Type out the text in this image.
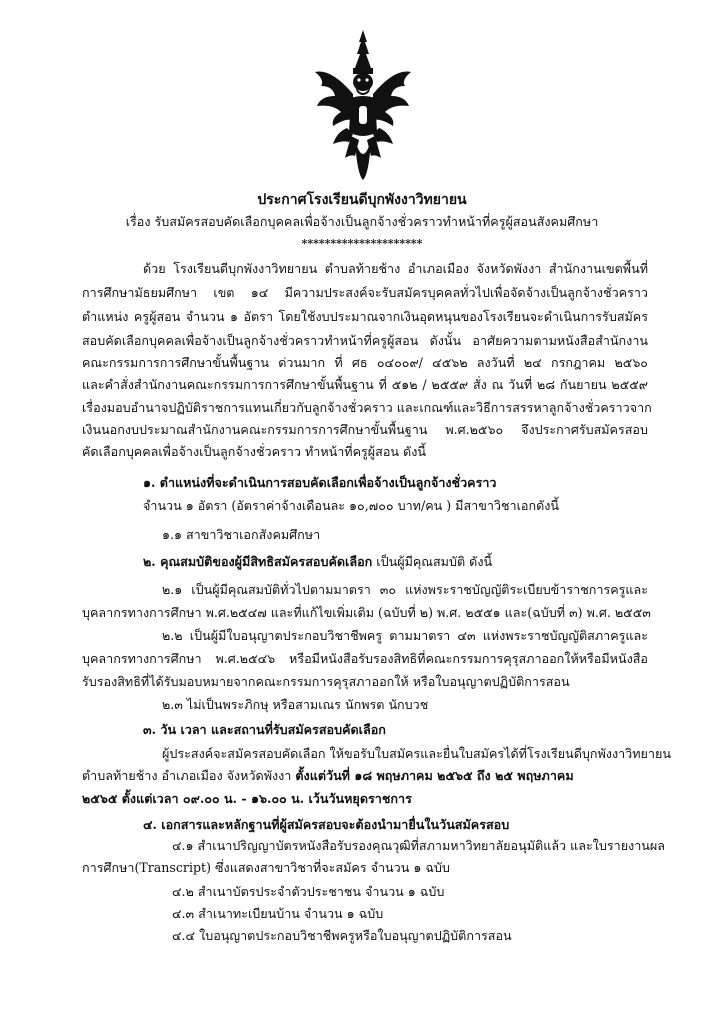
ประกาศโรงเรียนดีบุกพังงาวิทยายน
เรื่อง รับสมัครสอบคัดเลือกบุคคลเพื่อจ้างเป็นลูกจ้างชั่วคราวทำหน้าที่ครูผู้สอนสังคมศึกษา
*********************
ด้วย โรงเรียนดีบุกพังงาวิทยายน ตำบลท้ายช้าง อำเภอเมือง จังหวัดพังงา สำนักงานเขตพื้นที่
การศึกษามัธยมศึกษา เขต ๑๔ มีความประสงค์จะรับสมัครบุคคลทั่วไปเพื่อจัดจ้างเป็นลูกจ้างชั่วคราว
ตำแหน่ง ครูผู้สอน จำนวน ๑ อัตรา โดยใช้งบประมาณจากเงินอุดหนุนของโรงเรียนจะดำเนินการรับสมัคร
สอบคัดเลือกบุคคลเพื่อจ้างเป็นลูกจ้างชั่วคราวทำหน้าที่ครูผู้สอน ดังนั้น อาศัยความตามหนังสือสำนักงาน
คณะกรรมการการศึกษาขั้นพื้นฐาน ด่วนมาก ที่ ศธ ๐๔๐๐๙/ ๔๕๖๒ ลงวันที่ ๒๔ กรกฎาคม ๒๕๖๐
และคำสั่งสำนักงานคณะกรรมการการศึกษาขั้นพื้นฐาน ที่ ๕๑๒ / ๒๕๕๙ สั่ง ณ วันที่ ๒๘ กันยายน ๒๕๕๙
เรื่องมอบอำนาจปฏิบัติราชการแทนเกี่ยวกับลูกจ้างชั่วคราว และเกณฑ์และวิธีการสรรหาลูกจ้างชั่วคราวจาก
เงินนอกงบประมาณสำนักงานคณะกรรมการการศึกษาขั้นพื้นฐาน พ.ศ.๒๕๖๐ จึงประกาศรับสมัครสอบ
คัดเลือกบุคคลเพื่อจ้างเป็นลูกจ้างชั่วคราว ทำหน้าที่ครูผู้สอน ดังนี้
๑. ตำแหน่งที่จะดำเนินการสอบคัดเลือกเพื่อจ้างเป็นลูกจ้างชั่วคราว
จำนวน ๑ อัตรา (อัตราค่าจ้างเดือนละ ๑๐,๗๐๐ บาท/คน ) มีสาขาวิชาเอกดังนี้
๑.๑ สาขาวิชาเอกสังคมศึกษา
๒. คุณสมบัติของผู้มีสิทธิสมัครสอบคัดเลือก เป็นผู้มีคุณสมบัติ ดังนี้
๒.๑ เป็นผู้มีคุณสมบัติทั่วไปตามมาตรา ๓๐ แห่งพระราชบัญญัติระเบียบข้าราชการครูและ
บุคลากรทางการศึกษา พ.ศ.๒๕๔๗ และที่แก้ไขเพิ่มเติม (ฉบับที่ ๒) พ.ศ. ๒๕๕๑ และ(ฉบับที่ ๓) พ.ศ. ๒๕๕๓
๒.๒ เป็นผู้มีใบอนุญาตประกอบวิชาชีพครู ตามมาตรา ๔๓ แห่งพระราชบัญญัติสภาครูและ
บุคลากรทางการศึกษา พ.ศ.๒๕๔๖ หรือมีหนังสือรับรองสิทธิที่คณะกรรมการคุรุสภาออกให้หรือมีหนังสือ
รับรองสิทธิที่ได้รับมอบหมายจากคณะกรรมการคุรุสภาออกให้ หรือใบอนุญาตปฏิบัติการสอน
๒.๓ ไม่เป็นพระภิกษุ หรือสามเณร นักพรต นักบวช
๓. วัน เวลา และสถานที่รับสมัครสอบคัดเลือก
ผู้ประสงค์จะสมัครสอบคัดเลือก ให้ขอรับใบสมัครและยื่นใบสมัครได้ที่โรงเรียนดีบุกพังงาวิทยายน
ตำบลท้ายช้าง อำเภอเมือง จังหวัดพังงา ตั้งแต่วันที่ ๑๘ พฤษภาคม ๒๕๖๕ ถึง ๒๕ พฤษภาคม
๒๕๖๕ ตั้งแต่เวลา ๐๙.๐๐ น. - ๑๖.๐๐ น. เว้นวันหยุดราชการ
๔. เอกสารและหลักฐานที่ผู้สมัครสอบจะต้องนำมายื่นในวันสมัครสอบ
๔.๑ สำเนาปริญญาบัตรหนังสือรับรองคุณวุฒิที่สภามหาวิทยาลัยอนุมัติแล้ว และใบรายงานผล
การศึกษา(Transcript) ซึ่งแสดงสาขาวิชาที่จะสมัคร จำนวน ๑ ฉบับ
๔.๒ สำเนาบัตรประจำตัวประชาชน จำนวน ๑ ฉบับ
๔.๓ สำเนาทะเบียนบ้าน จำนวน ๑ ฉบับ
๔.๔ ใบอนุญาตประกอบวิชาชีพครูหรือใบอนุญาตปฏิบัติการสอน
